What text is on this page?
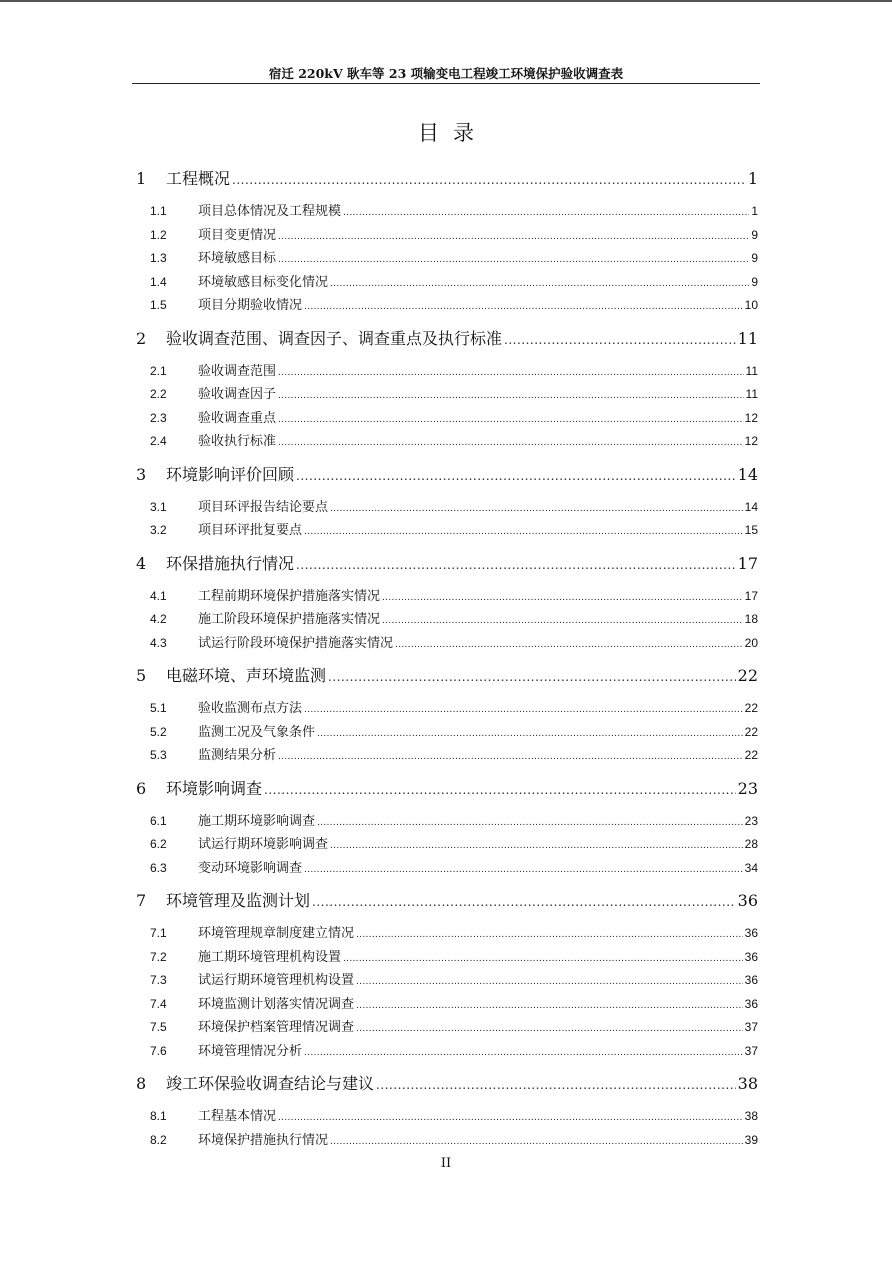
宿迁 220kV 耿车等 23 项输变电工程竣工环境保护验收调查表
目录
1	工程概况 .....	1
1.1	项目总体情况及工程规模 .....	1
1.2	项目变更情况 .....	9
1.3	环境敏感目标 .....	9
1.4	环境敏感目标变化情况 .....	9
1.5	项目分期验收情况 .....	10
2	验收调查范围、调查因子、调查重点及执行标准 .....	11
2.1	验收调查范围 .....	11
2.2	验收调查因子 .....	11
2.3	验收调查重点 .....	12
2.4	验收执行标准 .....	12
3	环境影响评价回顾 .....	14
3.1	项目环评报告结论要点 .....	14
3.2	项目环评批复要点 .....	15
4	环保措施执行情况 .....	17
4.1	工程前期环境保护措施落实情况 .....	17
4.2	施工阶段环境保护措施落实情况 .....	18
4.3	试运行阶段环境保护措施落实情况 .....	20
5	电磁环境、声环境监测 .....	22
5.1	验收监测布点方法 .....	22
5.2	监测工况及气象条件 .....	22
5.3	监测结果分析 .....	22
6	环境影响调查 .....	23
6.1	施工期环境影响调查 .....	23
6.2	试运行期环境影响调查 .....	28
6.3	变动环境影响调查 .....	34
7	环境管理及监测计划 .....	36
7.1	环境管理规章制度建立情况 .....	36
7.2	施工期环境管理机构设置 .....	36
7.3	试运行期环境管理机构设置 .....	36
7.4	环境监测计划落实情况调查 .....	36
7.5	环境保护档案管理情况调查 .....	37
7.6	环境管理情况分析 .....	37
8	竣工环保验收调查结论与建议 .....	38
8.1	工程基本情况 .....	38
8.2	环境保护措施执行情况 .....	39
II
